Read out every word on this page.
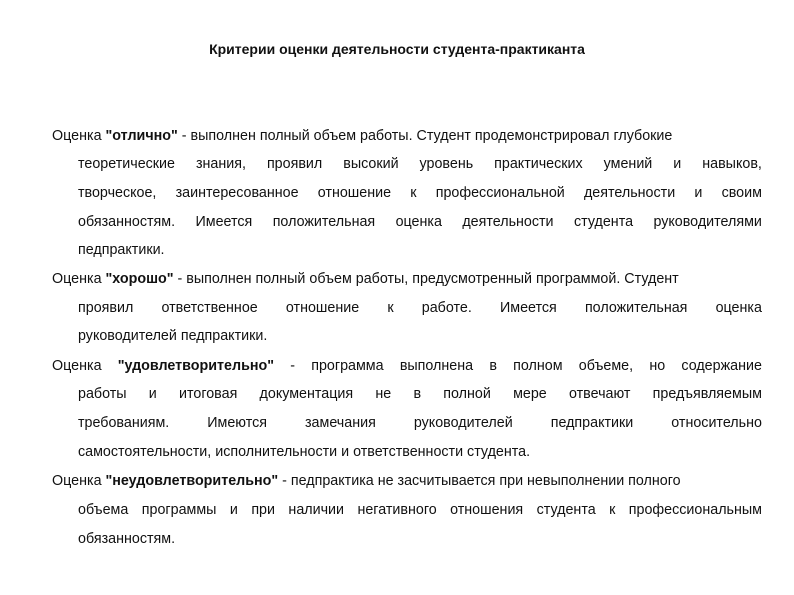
Критерии оценки деятельности студента-практиканта
Оценка "отлично" - выполнен полный объем работы. Студент продемонстрировал глубокие
теоретические знания, проявил высокий уровень практических умений и навыков,
творческое, заинтересованное отношение к профессиональной деятельности и своим
обязанностям. Имеется положительная оценка деятельности студента руководителями
педпрактики.
Оценка "хорошо" - выполнен полный объем работы, предусмотренный программой. Студент
проявил ответственное отношение к работе. Имеется положительная оценка
руководителей педпрактики.
Оценка "удовлетворительно" - программа выполнена в полном объеме, но содержание
работы и итоговая документация не в полной мере отвечают предъявляемым
требованиям.	Имеются	замечания	руководителей	педпрактики	относительно
самостоятельности, исполнительности и ответственности студента.
Оценка "неудовлетворительно" - педпрактика не засчитывается при невыполнении полного
объема программы и при наличии негативного отношения студента к профессиональным
обязанностям.
